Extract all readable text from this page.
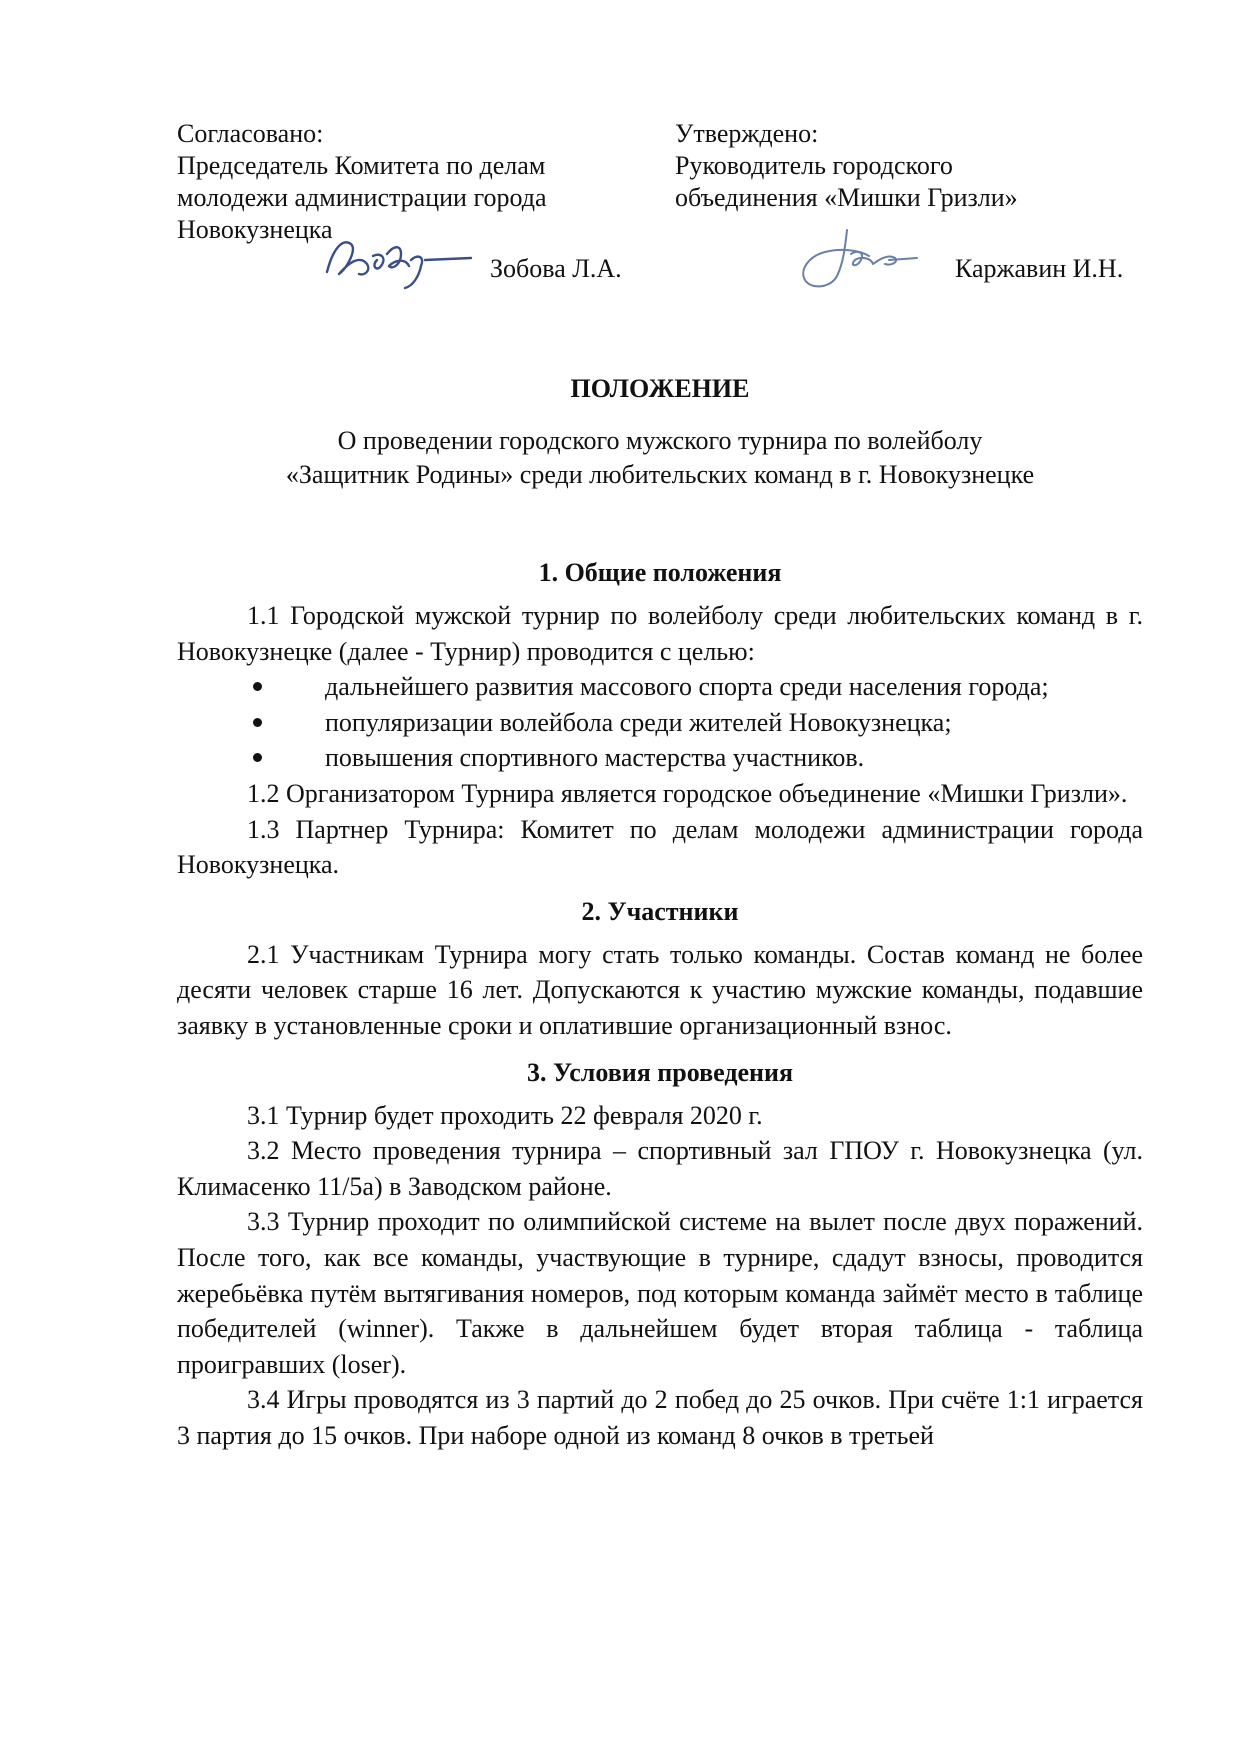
Согласовано:
Председатель Комитета по делам
молодежи администрации города
Новокузнецка
Утверждено:
Руководитель городского
объединения «Мишки Гризли»
Зобова Л.А.	Каржавин И.Н.
ПОЛОЖЕНИЕ

О проведении городского мужского турнира по волейболу
«Защитник Родины» среди любительских команд в г. Новокузнецке

1. Общие положения

1.1 Городской мужской турнир по волейболу среди любительских команд в г. Новокузнецке (далее - Турнир) проводится с целью:

дальнейшего развития массового спорта среди населения города;
популяризации волейбола среди жителей Новокузнецка;
повышения спортивного мастерства участников.

1.2 Организатором Турнира является городское объединение «Мишки Гризли».

1.3 Партнер Турнира: Комитет по делам молодежи администрации города Новокузнецка.

2. Участники

2.1 Участникам Турнира могу стать только команды. Состав команд не более десяти человек старше 16 лет. Допускаются к участию мужские команды, подавшие заявку в установленные сроки и оплатившие организационный взнос.

3. Условия проведения

3.1 Турнир будет проходить 22 февраля 2020 г.

3.2 Место проведения турнира – спортивный зал ГПОУ г. Новокузнецка (ул. Климасенко 11/5а) в Заводском районе.

3.3 Турнир проходит по олимпийской системе на вылет после двух поражений. После того, как все команды, участвующие в турнире, сдадут взносы, проводится жеребьёвка путём вытягивания номеров, под которым команда займёт место в таблице победителей (winner). Также в дальнейшем будет вторая таблица - таблица проигравших (loser).

3.4 Игры проводятся из 3 партий до 2 побед до 25 очков. При счёте 1:1 играется 3 партия до 15 очков. При наборе одной из команд 8 очков в третьей
